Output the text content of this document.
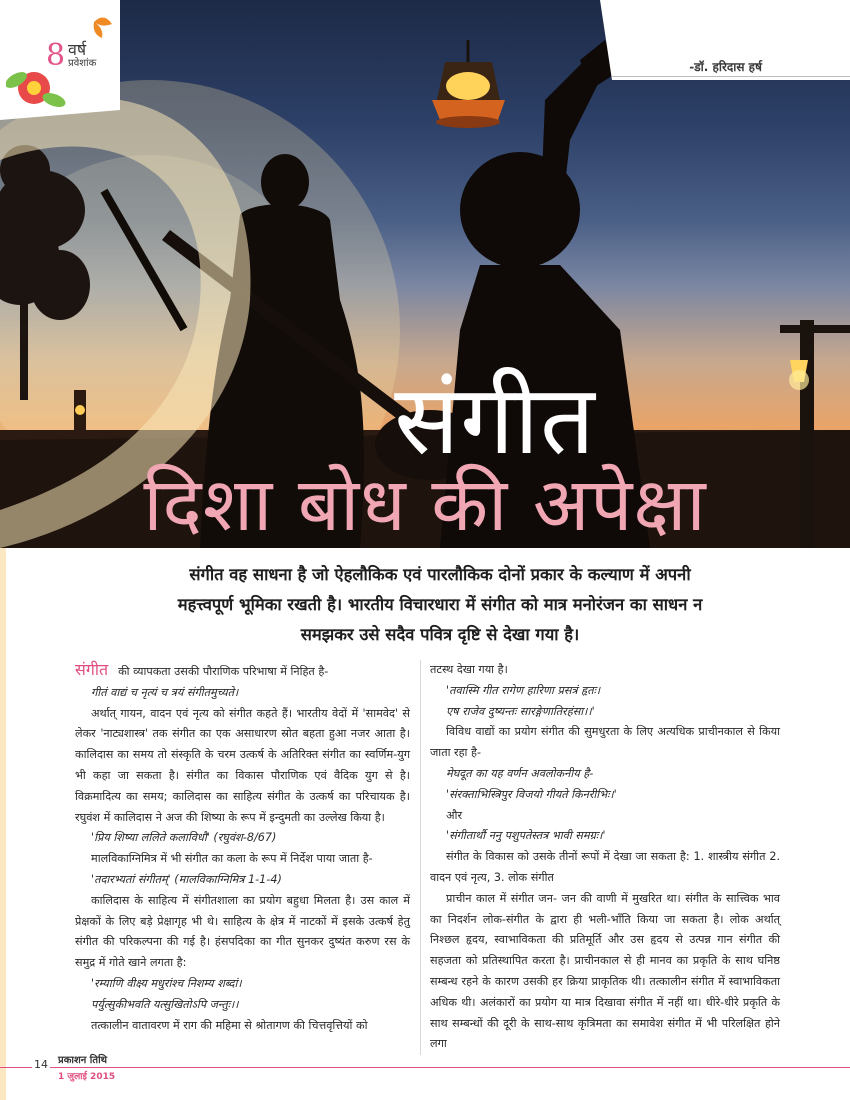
8 वर्ष
प्रवेशांक	-डॉ. हरिदास हर्ष
संगीत
दिशा बोध की अपेक्षा
संगीत वह साधना है जो ऐहलौकिक एवं पारलौकिक दोनों प्रकार के कल्याण में अपनी
महत्त्वपूर्ण भूमिका रखती है। भारतीय विचारधारा में संगीत को मात्र मनोरंजन का साधन न
समझकर उसे सदैव पवित्र दृष्टि से देखा गया है।

संगीत की व्यापकता उसकी पौराणिक परिभाषा में निहित है-

गीतं वाद्यं च नृत्यं च त्रयं संगीतमुच्यते।

अर्थात् गायन, वादन एवं नृत्य को संगीत कहते हैं। भारतीय वेदों में 'सामवेद' से लेकर 'नाट्यशास्त्र' तक संगीत का एक असाधारण स्रोत बहता हुआ नजर आता है। कालिदास का समय तो संस्कृति के चरम उत्कर्ष के अतिरिक्त संगीत का स्वर्णिम-युग भी कहा जा सकता है। संगीत का विकास पौराणिक एवं वैदिक युग से है। विक्रमादित्य का समय; कालिदास का साहित्य संगीत के उत्कर्ष का परिचायक है। रघुवंश में कालिदास ने अज की शिष्या के रूप में इन्दुमती का उल्लेख किया है।

'प्रिय शिष्या ललिते कलाविधौ' (रघुवंश-8/67)

मालविकाग्निमित्र में भी संगीत का कला के रूप में निर्देश पाया जाता है-

'तदारभ्यतां संगीतम्' (मालविकाग्निमित्र 1-1-4)

कालिदास के साहित्य में संगीतशाला का प्रयोग बहुधा मिलता है। उस काल में प्रेक्षकों के लिए बड़े प्रेक्षागृह भी थे। साहित्य के क्षेत्र में नाटकों में इसके उत्कर्ष हेतु संगीत की परिकल्पना की गई है। हंसपदिका का गीत सुनकर दुष्यंत करुण रस के समुद्र में गोते खाने लगता है:

'रम्याणि वीक्ष्य मधुरांश्च निशम्य शब्दां।

पर्युत्सुकीभवति यत्सुखितोऽपि जन्तुः।।

तत्कालीन वातावरण में राग की महिमा से श्रोतागण की चित्तवृत्तियों को

तटस्थ देखा गया है।

'तवास्मि गीत रागेण हारिणा प्रसत्रं हृतः।

एष राजेव दुष्यन्तः सारङ्गेणातिरहंसा।।'

विविध वाद्यों का प्रयोग संगीत की सुमधुरता के लिए अत्यधिक प्राचीनकाल से किया जाता रहा है-

मेघदूत का यह वर्णन अवलोकनीय है-

'संरक्ताभिस्त्रिपुर विजयो गीयते किनरीभिः।'

और

'संगीतार्थौ ननु पशुपतेस्तत्र भावी समग्रः।'

संगीत के विकास को उसके तीनों रूपों में देखा जा सकता है: 1. शास्त्रीय संगीत 2. वादन एवं नृत्य, 3. लोक संगीत

प्राचीन काल में संगीत जन- जन की वाणी में मुखरित था। संगीत के सात्त्विक भाव का निदर्शन लोक-संगीत के द्वारा ही भली-भाँति किया जा सकता है। लोक अर्थात् निश्छल हृदय, स्वाभाविकता की प्रतिमूर्ति और उस हृदय से उत्पन्न गान संगीत की सहजता को प्रतिस्थापित करता है। प्राचीनकाल से ही मानव का प्रकृति के साथ घनिष्ठ सम्बन्ध रहने के कारण उसकी हर क्रिया प्राकृतिक थी। तत्कालीन संगीत में स्वाभाविकता अधिक थी। अलंकारों का प्रयोग या मात्र दिखावा संगीत में नहीं था। धीरे-धीरे प्रकृति के साथ सम्बन्धों की दूरी के साथ-साथ कृत्रिमता का समावेश संगीत में भी परिलक्षित होने लगा

14 प्रकाशन तिथि
1 जुलाई 2015
